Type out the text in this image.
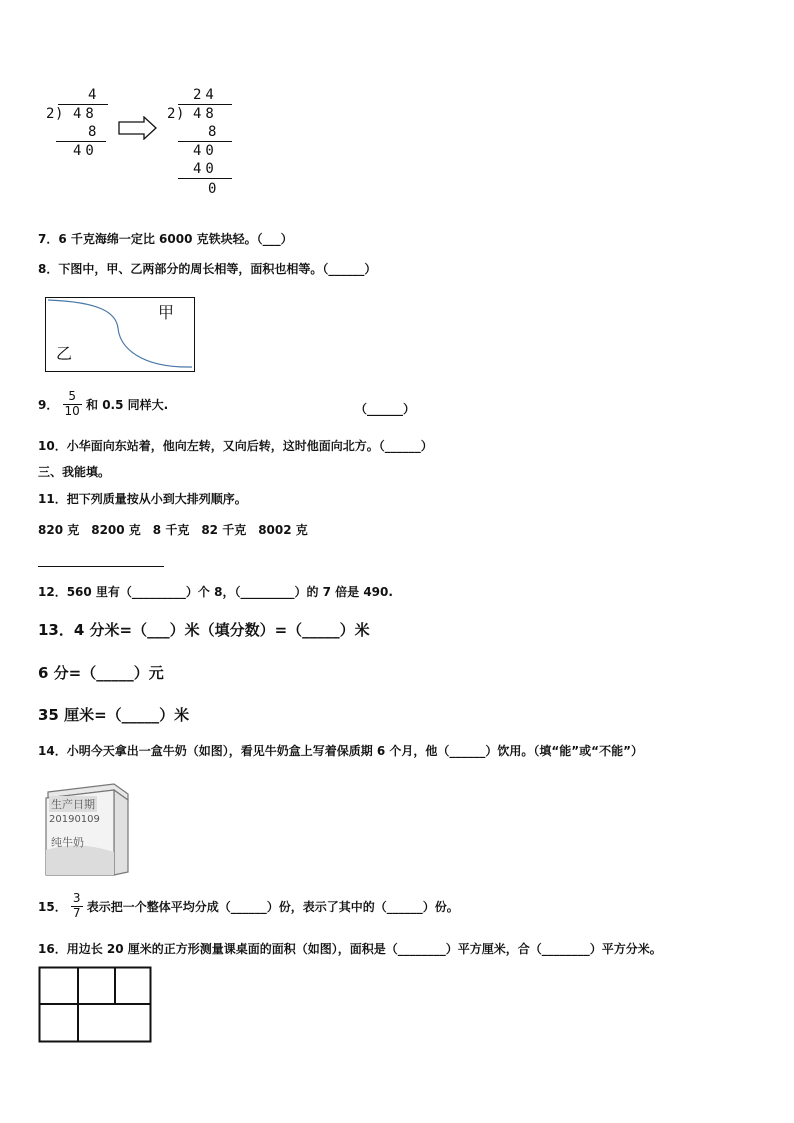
4
2 ) 48
8
40
24
2 ) 48
8
40
40
0
7．6 千克海绵一定比 6000 克铁块轻。（___）
8．下图中，甲、乙两部分的周长相等，面积也相等。（______）
甲
乙
9． $\frac{5}{10}$ 和 0.5 同样大.	（______）
10．小华面向东站着，他向左转，又向后转，这时他面向北方。（______）
三、我能填。
11．把下列质量按从小到大排列顺序。
820 克　8200 克　8 千克　82 千克　8002 克
12．560 里有（_________）个 8，（_________）的 7 倍是 490.
13．4 分米=（___）米（填分数）=（_____）米
6 分=（_____）元
35 厘米=（_____）米
14．小明今天拿出一盒牛奶（如图），看见牛奶盒上写着保质期 6 个月，他（______）饮用。（填“能”或“不能”）
生产日期
20190109
纯牛奶
15． $\frac{3}{7}$ 表示把一个整体平均分成（______）份，表示了其中的（______）份。
16．用边长 20 厘米的正方形测量课桌面的面积（如图），面积是（________）平方厘米，合（________）平方分米。
